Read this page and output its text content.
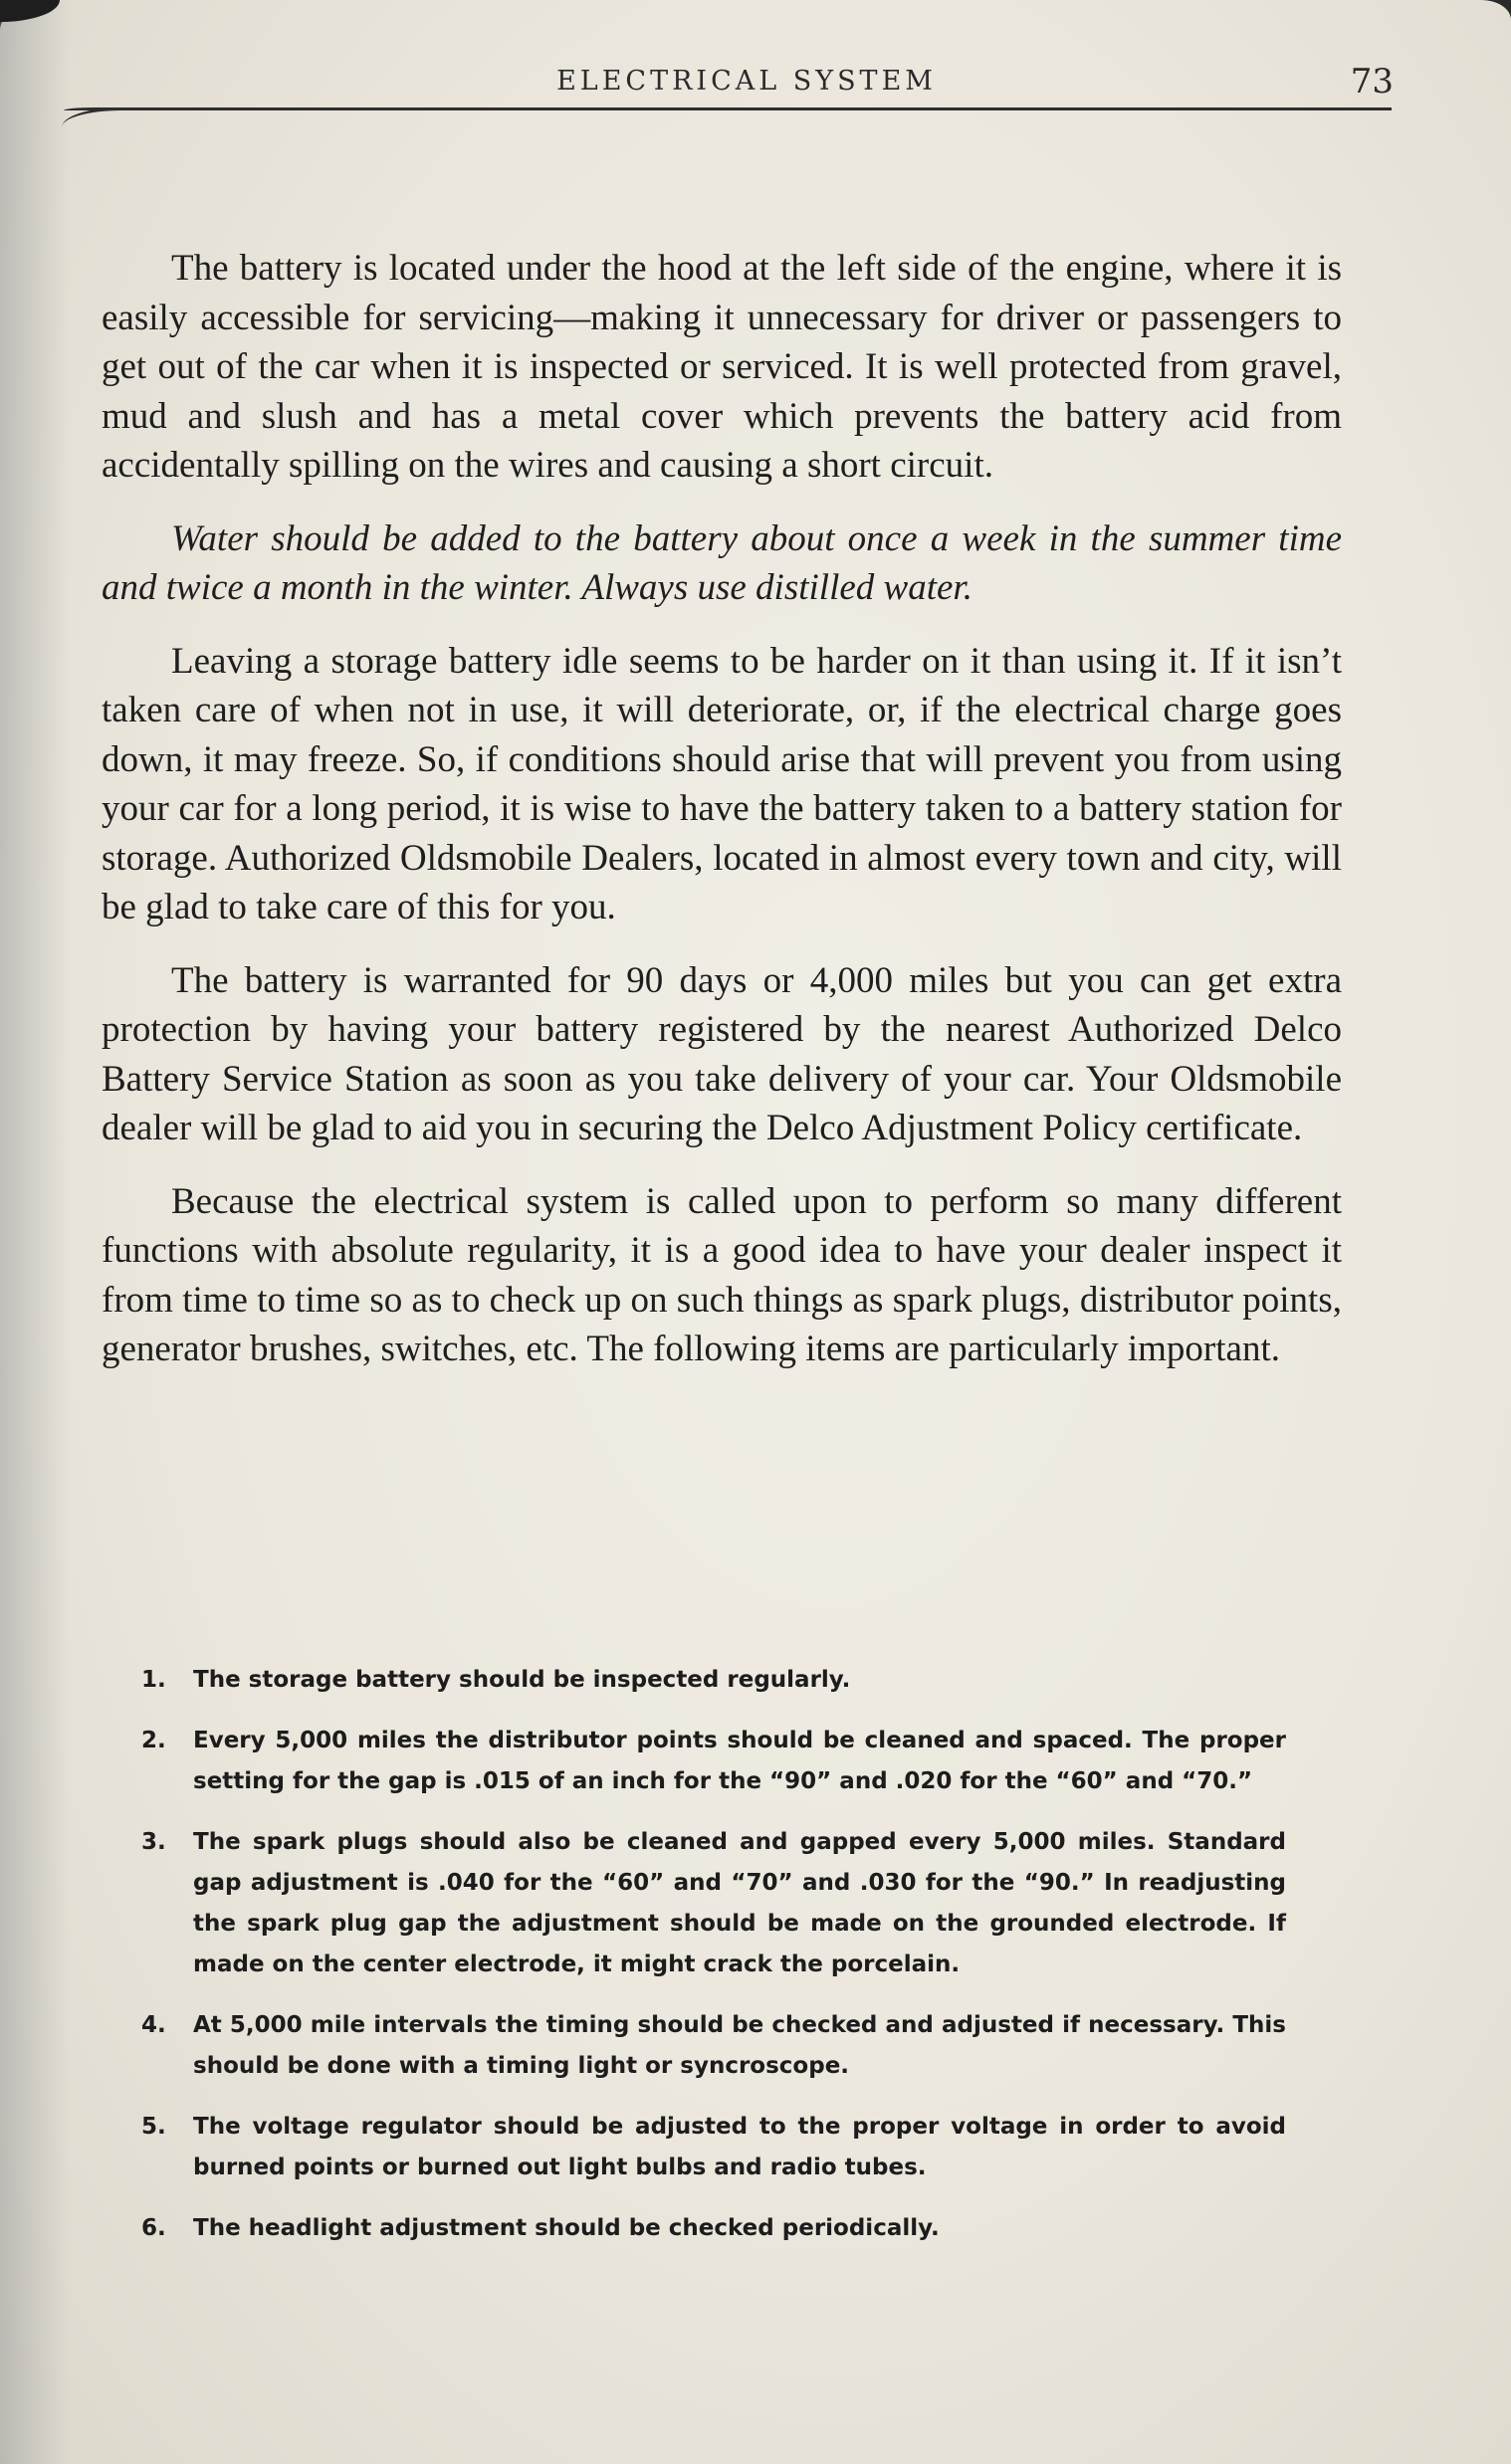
ELECTRICAL SYSTEM	73

The battery is located under the hood at the left side of the engine, where it is easily accessible for servicing—making it unnecessary for driver or passengers to get out of the car when it is inspected or serviced. It is well protected from gravel, mud and slush and has a metal cover which prevents the battery acid from accidentally spilling on the wires and causing a short circuit.

Water should be added to the battery about once a week in the summer time and twice a month in the winter. Always use distilled water.

Leaving a storage battery idle seems to be harder on it than using it. If it isn’t taken care of when not in use, it will deteriorate, or, if the electrical charge goes down, it may freeze. So, if conditions should arise that will prevent you from using your car for a long period, it is wise to have the battery taken to a battery station for storage. Authorized Oldsmobile Dealers, located in almost every town and city, will be glad to take care of this for you.

The battery is warranted for 90 days or 4,000 miles but you can get extra protection by having your battery registered by the nearest Authorized Delco Battery Service Station as soon as you take delivery of your car. Your Oldsmobile dealer will be glad to aid you in securing the Delco Adjustment Policy certificate.

Because the electrical system is called upon to perform so many different functions with absolute regularity, it is a good idea to have your dealer inspect it from time to time so as to check up on such things as spark plugs, distributor points, generator brushes, switches, etc. The following items are particularly important.

1.	The storage battery should be inspected regularly.
2.	Every 5,000 miles the distributor points should be cleaned and spaced. The proper setting for the gap is .015 of an inch for the “90” and .020 for the “60” and “70.”
3.	The spark plugs should also be cleaned and gapped every 5,000 miles. Standard gap adjustment is .040 for the “60” and “70” and .030 for the “90.” In readjusting the spark plug gap the adjustment should be made on the grounded electrode. If made on the center electrode, it might crack the porcelain.
4.	At 5,000 mile intervals the timing should be checked and adjusted if necessary. This should be done with a timing light or syncroscope.
5.	The voltage regulator should be adjusted to the proper voltage in order to avoid burned points or burned out light bulbs and radio tubes.
6.	The headlight adjustment should be checked periodically.
